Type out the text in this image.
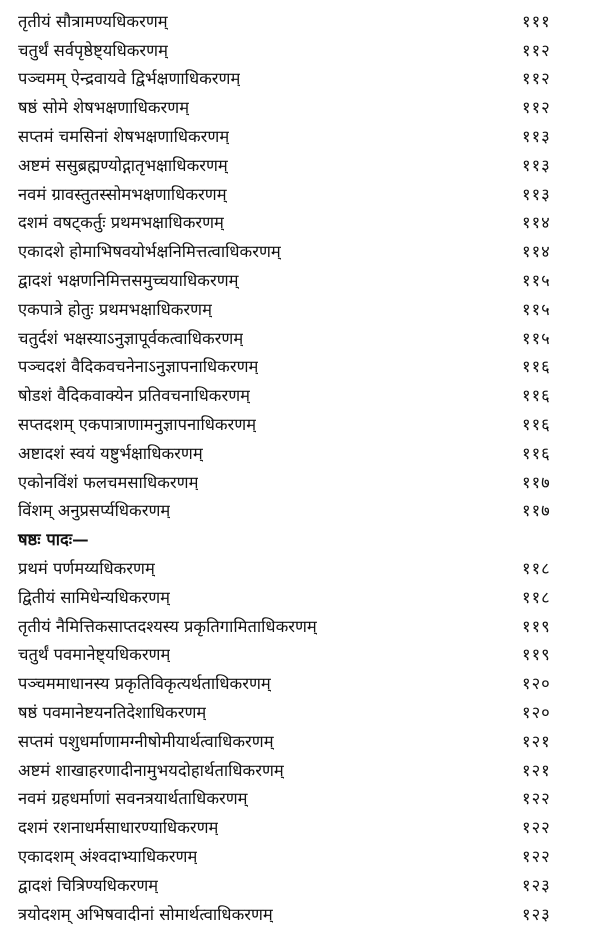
तृतीयं सौत्रामण्यधिकरणम्	१११
चतुर्थं सर्वपृष्ठेष्ट्यधिकरणम्	११२
पञ्चमम् ऐन्द्रवायवे द्विर्भक्षणाधिकरणम्	११२
षष्ठं सोमे शेषभक्षणाधिकरणम्	११२
सप्तमं चमसिनां शेषभक्षणाधिकरणम्	११३
अष्टमं ससुब्रह्मण्योद्गातृभक्षाधिकरणम्	११३
नवमं ग्रावस्तुतस्सोमभक्षणाधिकरणम्	११३
दशमं वषट्कर्तुः प्रथमभक्षाधिकरणम्	११४
एकादशे होमाभिषवयोर्भक्षनिमित्तत्वाधिकरणम्	११४
द्वादशं भक्षणनिमित्तसमुच्चयाधिकरणम्	११५
एकपात्रे होतुः प्रथमभक्षाधिकरणम्	११५
चतुर्दशं भक्षस्याऽनुज्ञापूर्वकत्वाधिकरणम्	११५
पञ्चदशं वैदिकवचनेनाऽनुज्ञापनाधिकरणम्	११६
षोडशं वैदिकवाक्येन प्रतिवचनाधिकरणम्	११६
सप्तदशम् एकपात्राणामनुज्ञापनाधिकरणम्	११६
अष्टादशं स्वयं यष्टुर्भक्षाधिकरणम्	११६
एकोनविंशं फलचमसाधिकरणम्	११७
विंशम् अनुप्रसर्प्यधिकरणम्	११७
षष्ठः पादः—
प्रथमं पर्णमय्यधिकरणम्	११८
द्वितीयं सामिधेन्यधिकरणम्	११८
तृतीयं नैमित्तिकसाप्तदश्यस्य प्रकृतिगामिताधिकरणम्	११९
चतुर्थं पवमानेष्ट्यधिकरणम्	११९
पञ्चममाधानस्य प्रकृतिविकृत्यर्थताधिकरणम्	१२०
षष्ठं पवमानेष्टयनतिदेशाधिकरणम्	१२०
सप्तमं पशुधर्माणामग्नीषोमीयार्थत्वाधिकरणम्	१२१
अष्टमं शाखाहरणादीनामुभयदोहार्थताधिकरणम्	१२१
नवमं ग्रहधर्माणां सवनत्रयार्थताधिकरणम्	१२२
दशमं रशनाधर्मसाधारण्याधिकरणम्	१२२
एकादशम् अंश्वदाभ्याधिकरणम्	१२२
द्वादशं चित्रिण्यधिकरणम्	१२३
त्रयोदशम् अभिषवादीनां सोमार्थत्वाधिकरणम्	१२३
